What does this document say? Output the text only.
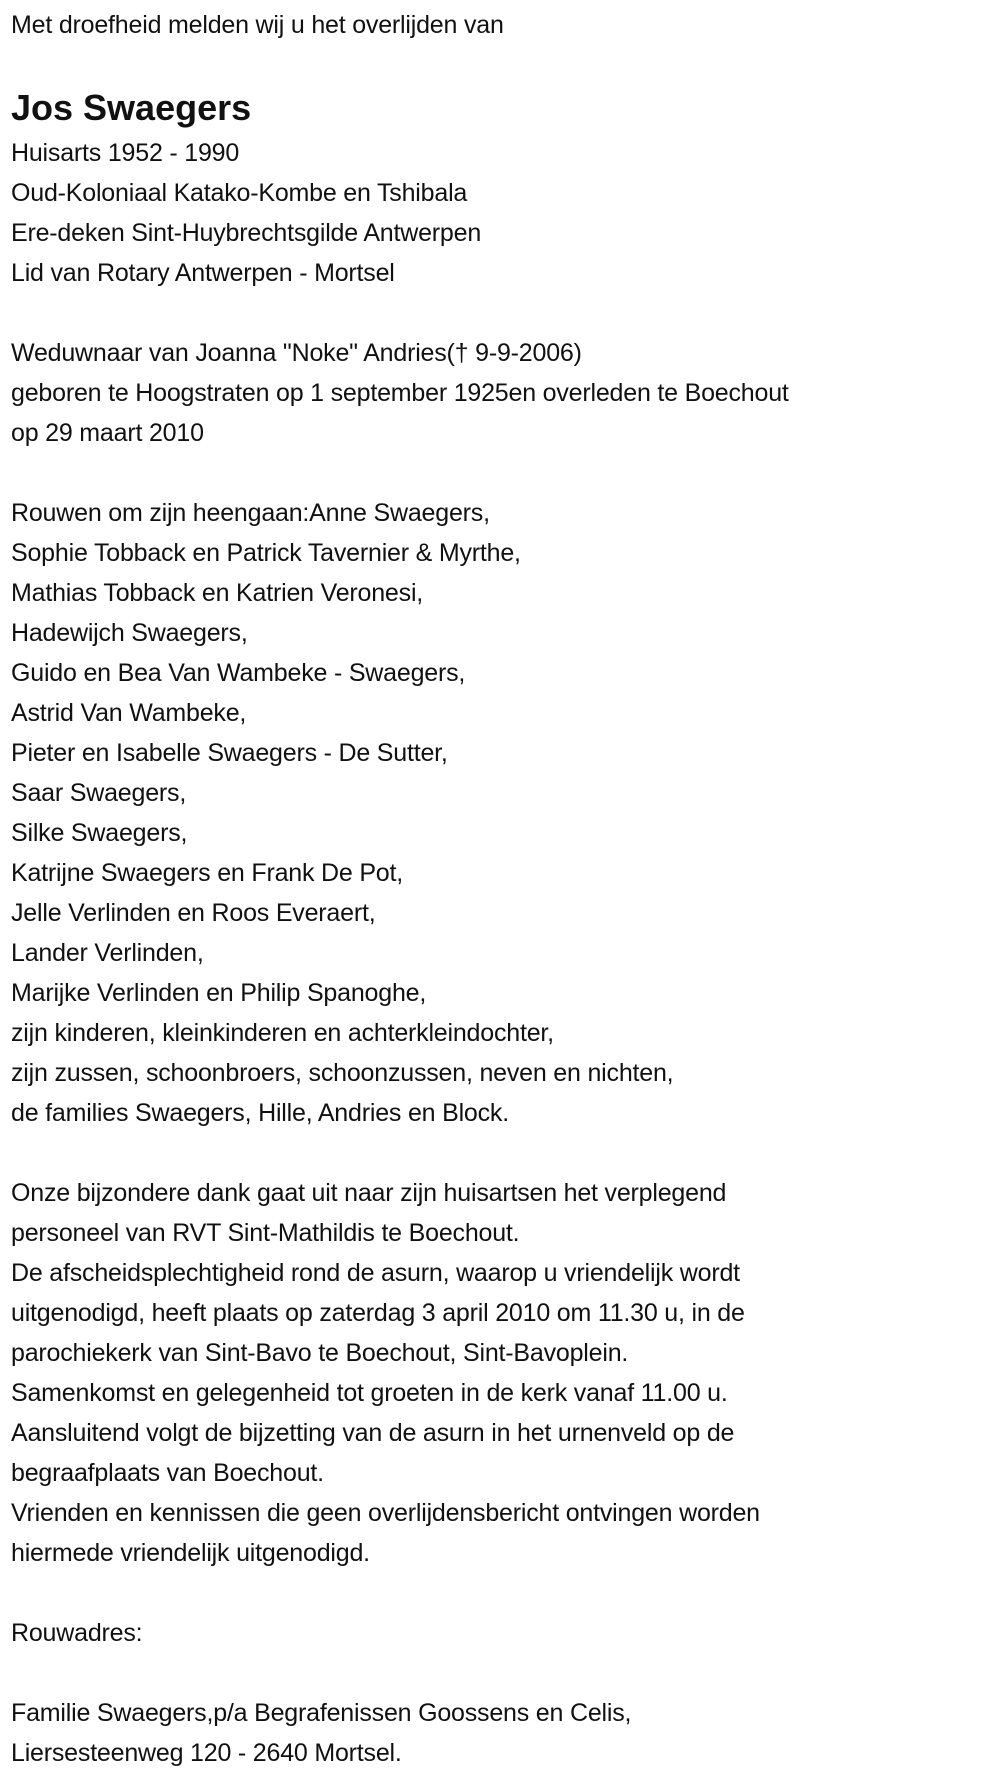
Met droefheid melden wij u het overlijden van
Jos Swaegers
Huisarts 1952 - 1990
Oud-Koloniaal Katako-Kombe en Tshibala
Ere-deken Sint-Huybrechtsgilde Antwerpen
Lid van Rotary Antwerpen - Mortsel
Weduwnaar van Joanna "Noke" Andries(† 9-9-2006)
geboren te Hoogstraten op 1 september 1925en overleden te Boechout
op 29 maart 2010
Rouwen om zijn heengaan:Anne Swaegers,
Sophie Tobback en Patrick Tavernier & Myrthe,
Mathias Tobback en Katrien Veronesi,
Hadewijch Swaegers,
Guido en Bea Van Wambeke - Swaegers,
Astrid Van Wambeke,
Pieter en Isabelle Swaegers - De Sutter,
Saar Swaegers,
Silke Swaegers,
Katrijne Swaegers en Frank De Pot,
Jelle Verlinden en Roos Everaert,
Lander Verlinden,
Marijke Verlinden en Philip Spanoghe,
zijn kinderen, kleinkinderen en achterkleindochter,
zijn zussen, schoonbroers, schoonzussen, neven en nichten,
de families Swaegers, Hille, Andries en Block.
Onze bijzondere dank gaat uit naar zijn huisartsen het verplegend
personeel van RVT Sint-Mathildis te Boechout.
De afscheidsplechtigheid rond de asurn, waarop u vriendelijk wordt
uitgenodigd, heeft plaats op zaterdag 3 april 2010 om 11.30 u, in de
parochiekerk van Sint-Bavo te Boechout, Sint-Bavoplein.
Samenkomst en gelegenheid tot groeten in de kerk vanaf 11.00 u.
Aansluitend volgt de bijzetting van de asurn in het urnenveld op de
begraafplaats van Boechout.
Vrienden en kennissen die geen overlijdensbericht ontvingen worden
hiermede vriendelijk uitgenodigd.
Rouwadres:
Familie Swaegers,p/a Begrafenissen Goossens en Celis,
Liersesteenweg 120 - 2640 Mortsel.
